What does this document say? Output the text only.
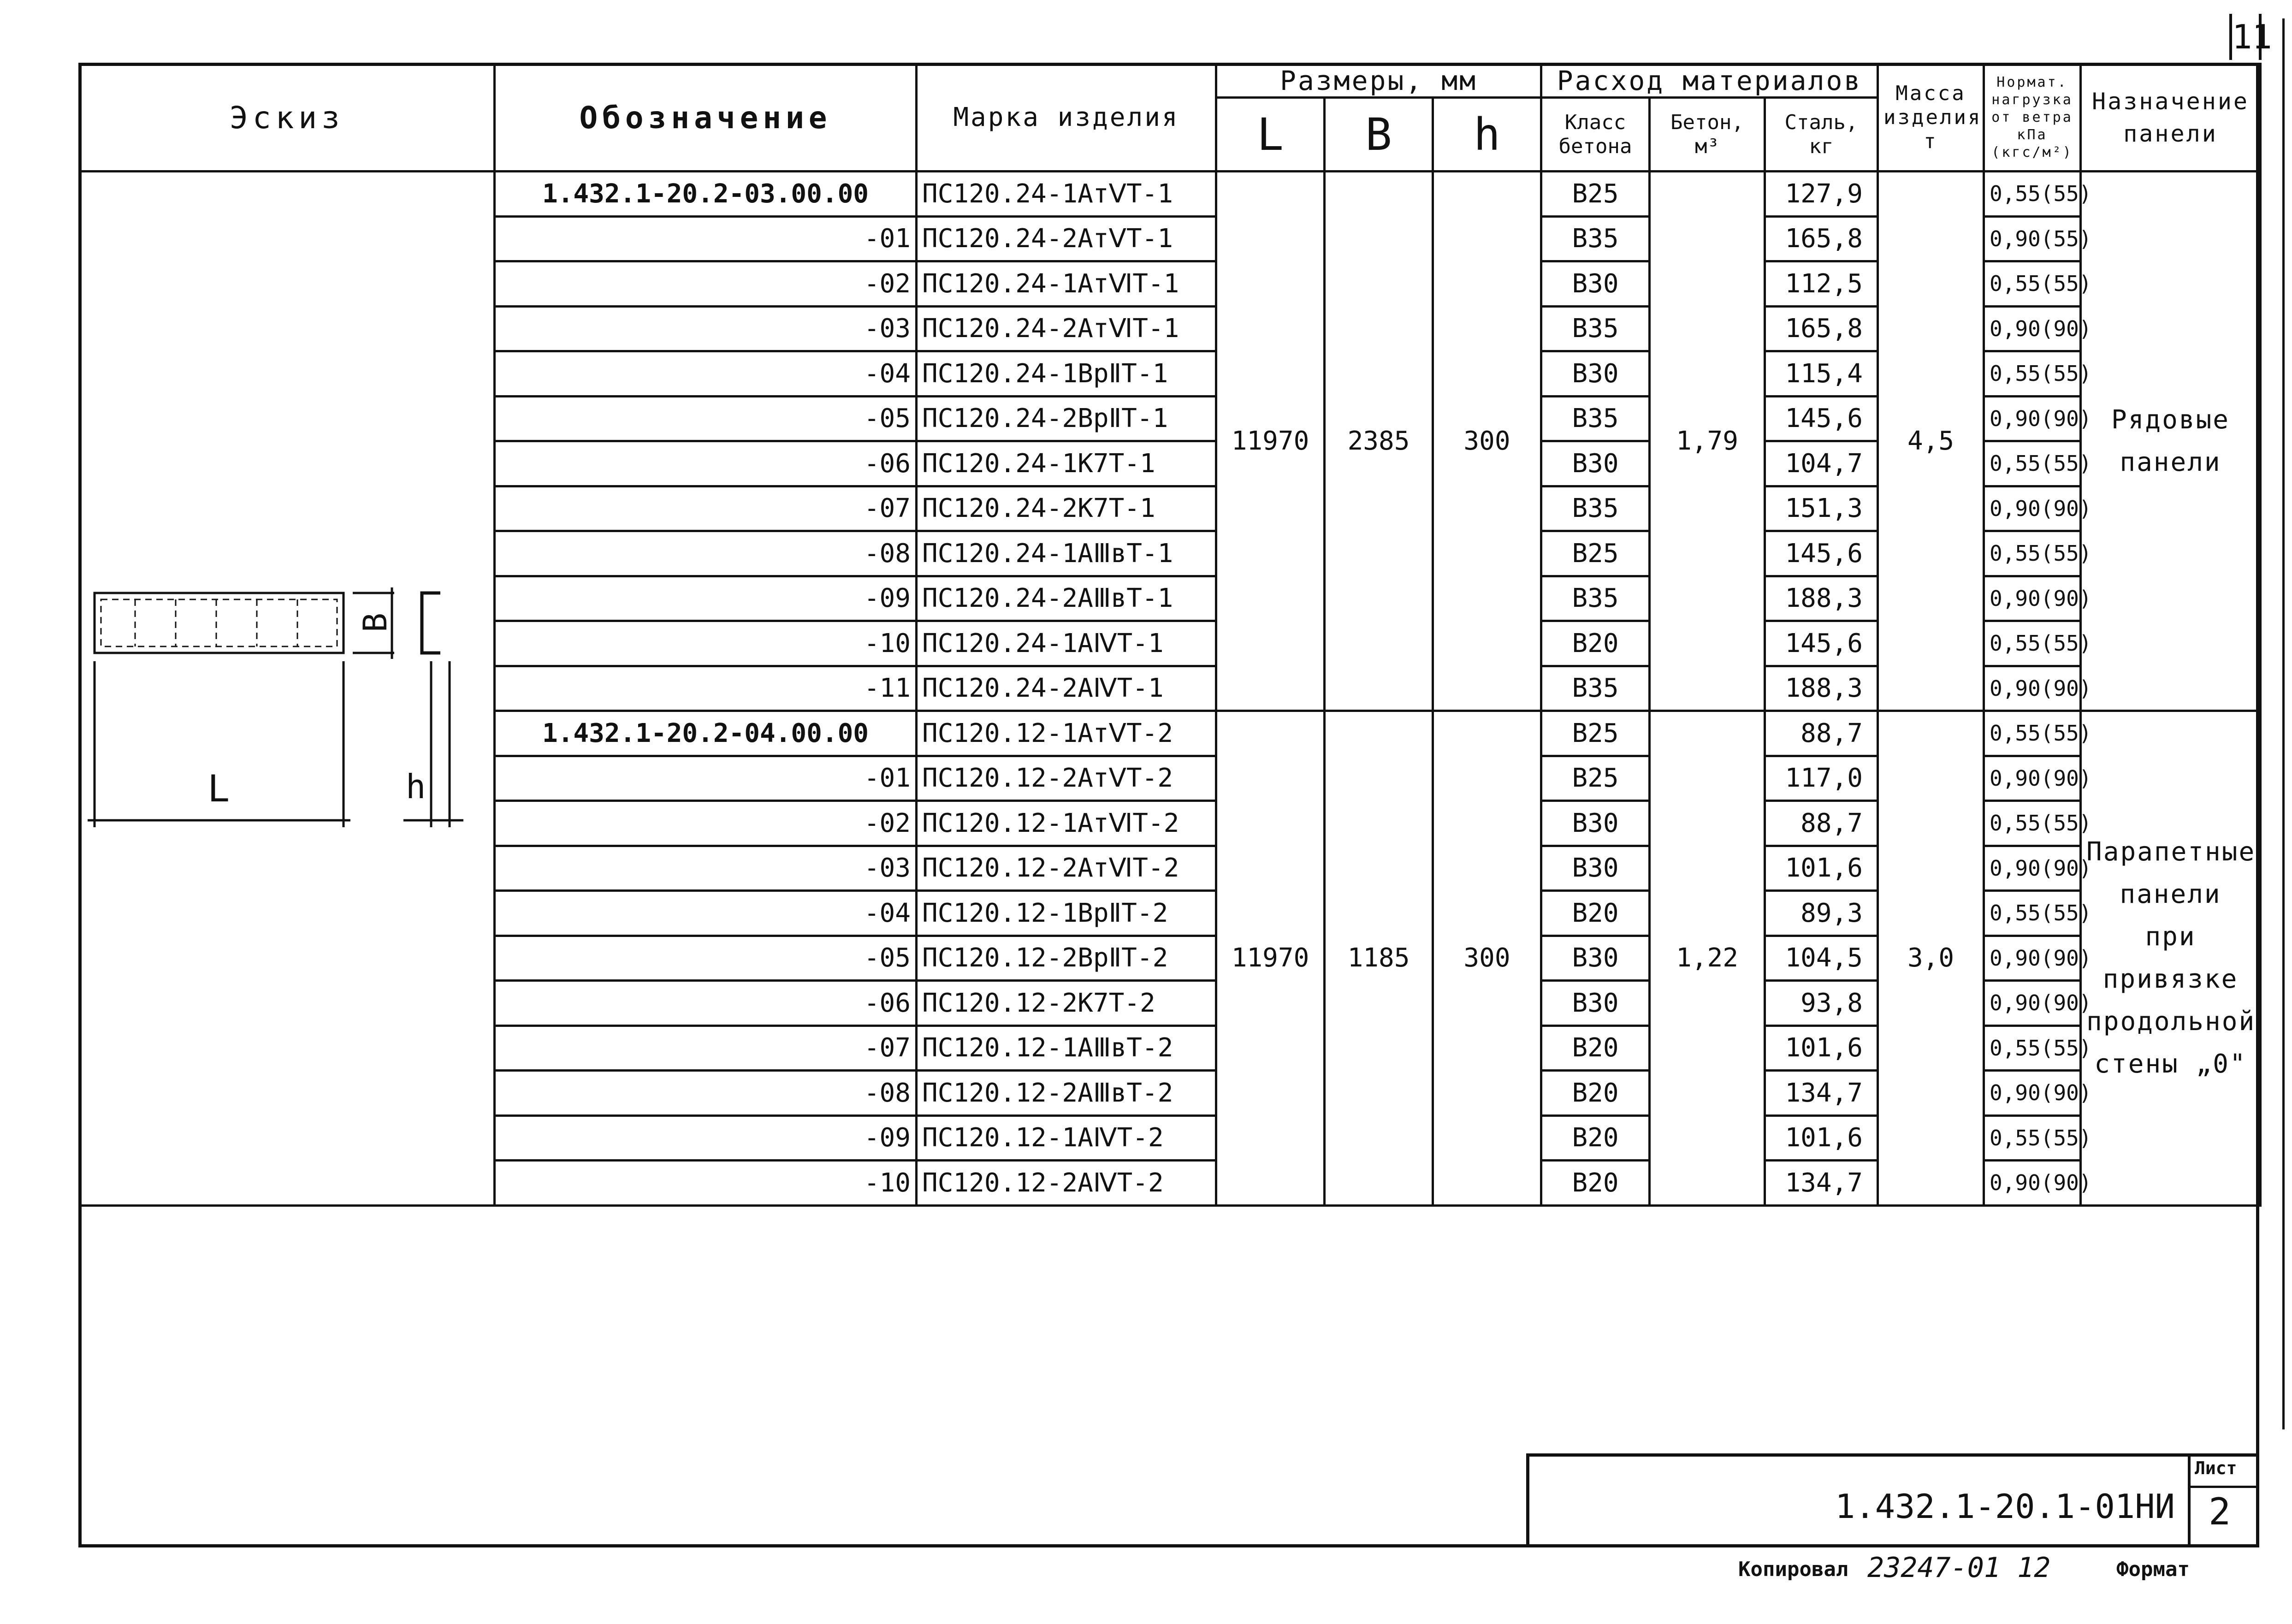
11
Эскиз	Обозначение	Марка изделия	Размеры, мм			Расход материалов			Масса изделия т	Нормат. нагрузка от ветра кПа (кгс/м²)	Назначение панели
			L	В	h	Класс бетона	Бетон, м³	Сталь, кг			

В
L h	1.432.1-20.2-03.00.00	ПС120.24-1АтⅤТ-1	11970	2385	300	В25	1,79	127,9	4,5	0,55(55)	Рядовые панели
	-01	ПС120.24-2АтⅤТ-1				В35		165,8		0,90(55)	
	-02	ПС120.24-1АтⅥТ-1				В30		112,5		0,55(55)	
	-03	ПС120.24-2АтⅥТ-1				В35		165,8		0,90(90)	
	-04	ПС120.24-1ВрⅡТ-1				В30		115,4		0,55(55)	
	-05	ПС120.24-2ВрⅡТ-1				В35		145,6		0,90(90)	
	-06	ПС120.24-1К7Т-1				В30		104,7		0,55(55)	
	-07	ПС120.24-2К7Т-1				В35		151,3		0,90(90)	
	-08	ПС120.24-1АⅢвТ-1				В25		145,6		0,55(55)	
	-09	ПС120.24-2АⅢвТ-1				В35		188,3		0,90(90)	
	-10	ПС120.24-1АⅣТ-1				В20		145,6		0,55(55)	
	-11	ПС120.24-2АⅣТ-1				В35		188,3		0,90(90)	
	1.432.1-20.2-04.00.00	ПС120.12-1АтⅤТ-2	11970	1185	300	В25	1,22	88,7	3,0	0,55(55)	Парапетные панели при привязке продольной стены „0"
	-01	ПС120.12-2АтⅤТ-2				В25		117,0		0,90(90)	
	-02	ПС120.12-1АтⅥТ-2				В30		88,7		0,55(55)	
	-03	ПС120.12-2АтⅥТ-2				В30		101,6		0,90(90)	
	-04	ПС120.12-1ВрⅡТ-2				В20		89,3		0,55(55)	
	-05	ПС120.12-2ВрⅡТ-2				В30		104,5		0,90(90)	
	-06	ПС120.12-2К7Т-2				В30		93,8		0,90(90)	
	-07	ПС120.12-1АⅢвТ-2				В20		101,6		0,55(55)	
	-08	ПС120.12-2АⅢвТ-2				В20		134,7		0,90(90)	
	-09	ПС120.12-1АⅣТ-2				В20		101,6		0,55(55)	
	-10	ПС120.12-2АⅣТ-2				В20		134,7		0,90(90)	
1.432.1-20.1-01НИ
Лист
2
Копировал 23247-01 12	Формат
